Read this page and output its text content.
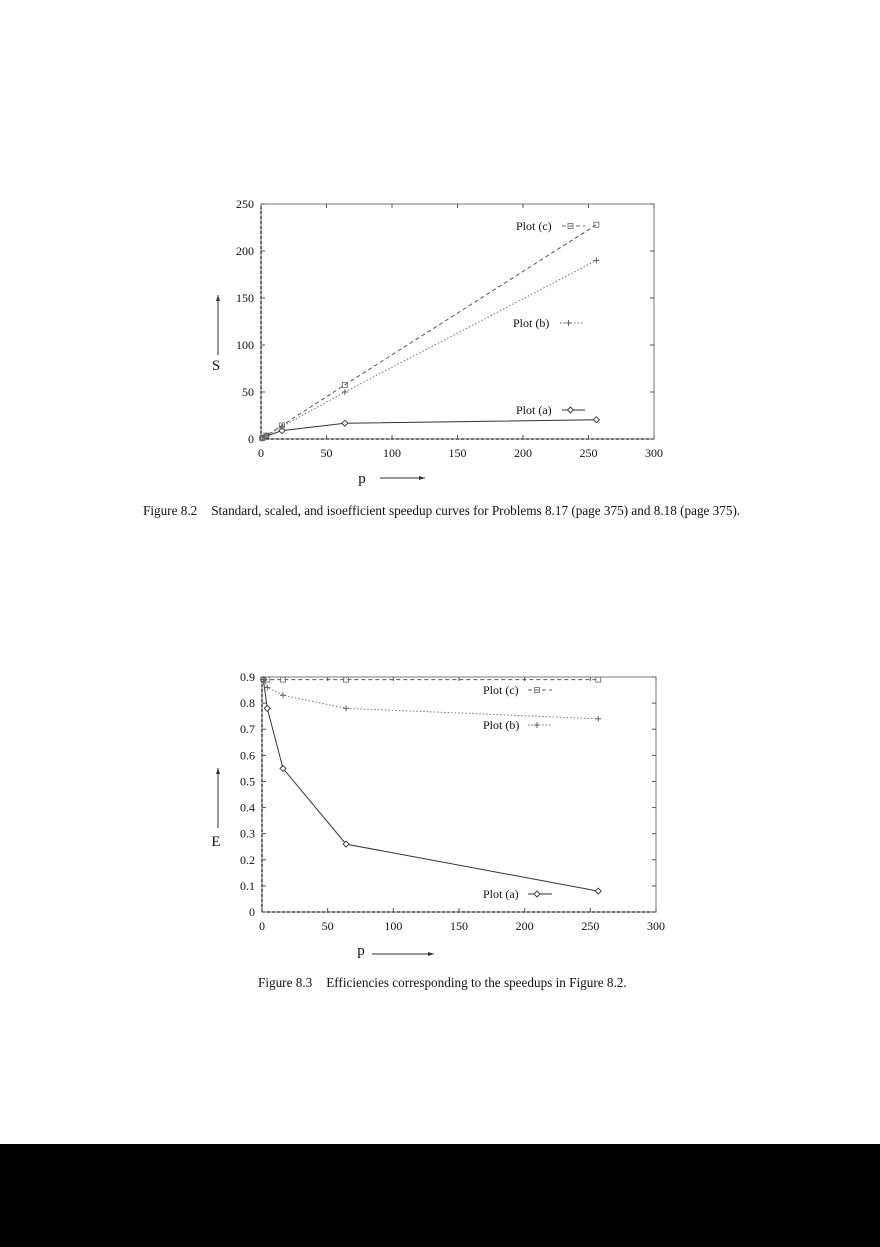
0	50	100	150	200	250	300
0
50
100
150
200
250
S
p
Plot (c)
Plot (b)
Plot (a)
Figure 8.2 Standard, scaled, and isoefficient speedup curves for Problems 8.17 (page 375) and 8.18 (page 375).
0	50	100	150	200	250	300
0
0.1
0.2
0.3
0.4
0.5
0.6
0.7
0.8
0.9
E
p
Plot (c)
Plot (b)
Plot (a)
Figure 8.3 Efficiencies corresponding to the speedups in Figure 8.2.
